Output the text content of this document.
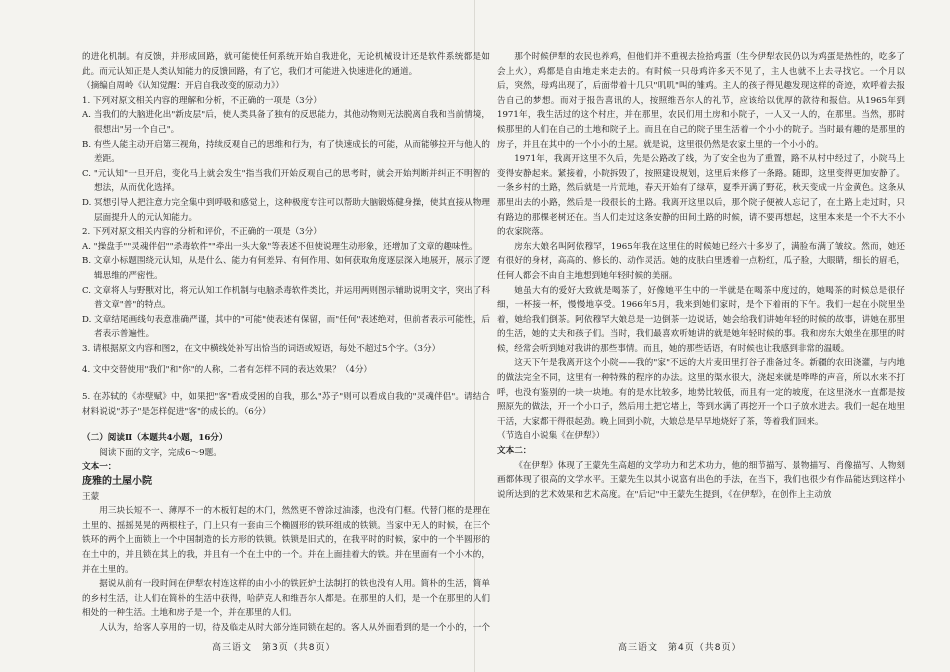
的进化机制。有反馈，并形成回路，就可能使任何系统开始自我进化，无论机械设计还是软件系统都是如此。而元认知正是人类认知能力的反馈回路，有了它，我们才可能进入快速进化的通道。

（摘编自周岭《认知觉醒：开启自我改变的原动力》）

1. 下列对原文相关内容的理解和分析，不正确的一项是（3分）

A. 当我们的大脑进化出"新皮层"后，使人类具备了独有的反思能力，其他动物则无法脱离自我和当前情境，很想出"另一个自己"。

B. 有些人能主动开启第三视角，持续反观自己的思维和行为，有了快速成长的可能，从而能够拉开与他人的差距。

C. "元认知"一旦开启，变化马上就会发生"指当我们开始反观自己的思考时，就会开始判断并纠正不明智的想法，从而优化选择。

D. 冥想引导人把注意力完全集中到呼吸和感觉上，这种极度专注可以帮助大脑锻炼健身操，使其直接从物理层面提升人的元认知能力。

2. 下列对原文相关内容的分析和评价，不正确的一项是（3分）

A. "操盘手""灵魂伴侣""杀毒软件""牵出一头大象"等表述不但使说理生动形象，还增加了文章的趣味性。

B. 文章小标题围绕元认知，从是什么、能力有何差异、有何作用、如何获取角度逐层深入地展开，展示了逻辑思维的严密性。

C. 文章将人与野獸对比，将元认知工作机制与电脑杀毒软件类比，并运用两则图示辅助说明文字，突出了科普文章"普"的特点。

D. 文章结尾画线句表意准确严谨，其中的"可能"使表述有保留，而"任何"表述绝对，但前者表示可能性，后者表示普遍性。

3. 请根据原文内容和图2，在文中横线处补写出恰当的词语或短语，每处不超过5个字。（3分）

4. 文中交替使用"我们"和"你"的人称，二者有怎样不同的表达效果？（4分）

5. 在苏轼的《赤壁赋》中，如果把"客"看成受困的自我，那么"苏子"则可以看成自我的"灵魂伴侣"。请结合材料说说"苏子"是怎样促进"客"的成长的。（6分）

（二）阅读Ⅱ（本题共4小题，16分）

阅读下面的文字，完成6～9题。

文本一：

庞雅的土屋小院

王蒙

用三块长短不一、薄厚不一的木板钉起的木门，然然更不曾涂过油漆，也没有门框。代替门框的是理在土里的、摇摇晃晃的两根柱子，门上只有一套由三个椭圆形的铁环组成的铁锁。当家中无人的时候，在三个铁环的两个上面锁上一个中国制造的长方形的铁锁。铁锁是旧式的，在我平时的时候，家中的一个半圆形的在土中的，并且锁在其上的我，并且有一个在土中的一个。并在上面挂着大的铁。并在里面有一个小木的，并在土里的。

据说从前有一段时间在伊犁农村连这样的由小小的铁匠炉土法制打的铁也没有人用。简朴的生活，简单的乡村生活，让人们在简朴的生活中获得，哈萨克人和维吾尔人都是。在那里的人们，是一个在那里的人们相处的一种生活。土地和房子是一个，并在那里的人们。

人认为，给客人享用的一切，待及临走从时大部分连同锁在起的。客人从外面看到的是一个小的，一个

那个时候伊犁的农民也养鸡，但他们并不重视去捡拾鸡蛋（生今伊犁农民仍以为鸡蛋是热性的，吃多了会上火），鸡都是自由地走来走去的。有时候一只母鸡许多天不见了，主人也就不上去寻找它。一个月以后，突然，母鸡出现了，后面带着十几只"叽叽"叫的雏鸡。主人的孩子得见趣发现这样的奇迹，欢呼着去报告自己的梦想。而对于报告喜讯的人，按照维吾尔人的礼节，应该给以优厚的款待和报信。从1965年到1971年，我生活过的这个村庄，并在那里，农民们用土房和小院子，一人又一人的，在那里。当然，那时候那里的人们在自己的土地和院子上。而且在自己的院子里生活着一个小小的院子。当时最有趣的是那里的房子，并且在其中的一个小小的土屋。就是说，这里很仍然是农家土里的一个小小的。

1971年，我离开这里不久后，先是公路改了线，为了安全也为了重置，路不从村中经过了，小院马上变得安静起来。紧接着，小院拆毁了，按照建设规划，这里后来修了一条路。随即，这里变得更加安静了。一条乡村的土路，然后就是一片荒地，春天开始有了绿草，夏季开满了野花，秋天变成一片金黄色。这条从那里出去的小路，然后是一段很长的土路。我离开这里以后，那个院子便被人忘记了，在土路上走过时，只有路边的那棵老树还在。当人们走过这条安静的田间土路的时候，请不要再想起，这里本来是一个不大不小的农家院落。

房东大娘名叫阿依穆罕，1965年我在这里住的时候她已经六十多岁了，满脸布满了皱纹。然而，她还有很好的身材，高高的、修长的、动作灵活。她的皮肤白里透着一点粉红，瓜子脸，大眼睛，细长的眉毛，任何人都会不由自主地想到她年轻时候的美丽。

她虽大有的爱好大致就是喝茶了，好像她平生中的一半就是在喝茶中度过的，她喝茶的时候总是很仔细，一杯接一杯，慢慢地享受。1966年5月，我来到她们家时，是个下着雨的下午。我们一起在小院里坐着，她给我们倒茶。阿依穆罕大娘总是一边倒茶一边说话，她会给我们讲她年轻的时候的故事，讲她在那里的生活，她的丈夫和孩子们。当时，我们最喜欢听她讲的就是她年轻时候的事。我和房东大娘坐在那里的时候，经常会听到她对我讲的那些事情。而且，她的那些话语，有时候也让我感到非常的温暖。

这天下午是我离开这个小院——我的"家"不远的大片麦田里打谷子准备过冬。新疆的农田浇灌，与内地的做法完全不同，这里有一种特殊的程序的办法。这里的渠水很大，浇起来就是哗哗的声音，所以水来不打呼，也没有鉴别的一块一块地。有的是水比较多，地势比较低，而且有一定的坡度，在这里浇水一直都是按照原先的做法，开一个小口子，然后用土把它堵上，等到水满了再挖开一个口子放水进去。我们一起在地里干活，大家都干得很起劲。晚上回到小院，大娘总是早早地烧好了茶，等着我们回来。

（节选自小说集《在伊犁》）

文本二：

《在伊犁》体现了王蒙先生高超的文学功力和艺术功力，他的细节描写、景物描写、肖像描写、人物刻画都体现了很高的文学水平。王蒙先生以其小说富有出色的手法，在当下，我们也很少有作品能达到这样小说所达到的艺术效果和艺术高度。在"后记"中王蒙先生提到，《在伊犁》，在创作上主动放

高三语文　第3页（共8页）	高三语文　第4页（共8页）
